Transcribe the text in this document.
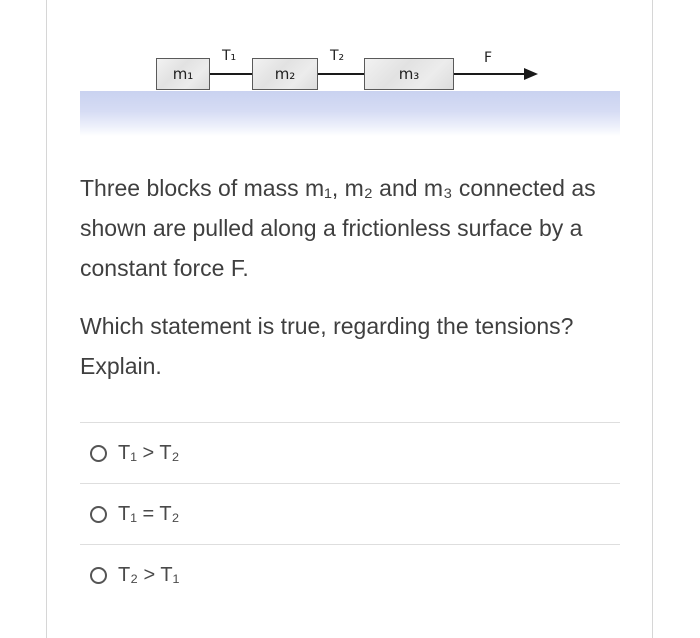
m₁	m₂	m₃
T₁	T₂	F

Three blocks of mass m₁, m₂ and m₃ connected as shown are pulled along a frictionless surface by a constant force F.

Which statement is true, regarding the tensions? Explain.

T₁ > T₂
T₁ = T₂
T₂ > T₁
